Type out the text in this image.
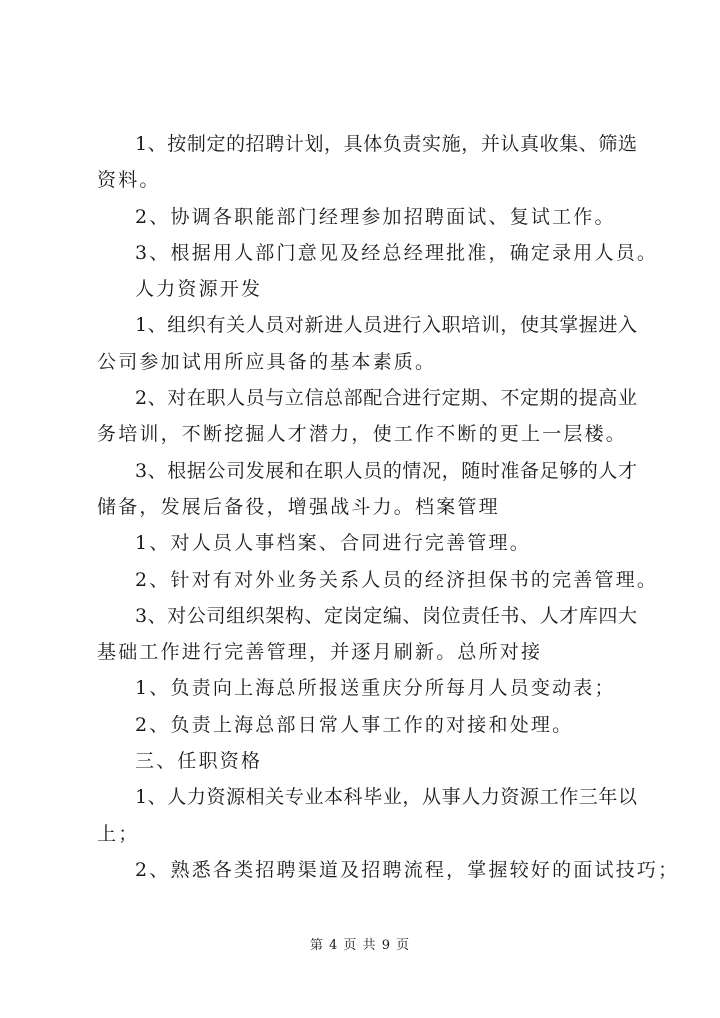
1、按制定的招聘计划，具体负责实施，并认真收集、筛选
资料。
2、协调各职能部门经理参加招聘面试、复试工作。
3、根据用人部门意见及经总经理批准，确定录用人员。
人力资源开发
1、组织有关人员对新进人员进行入职培训，使其掌握进入
公司参加试用所应具备的基本素质。
2、对在职人员与立信总部配合进行定期、不定期的提高业
务培训，不断挖掘人才潜力，使工作不断的更上一层楼。
3、根据公司发展和在职人员的情况，随时准备足够的人才
储备，发展后备役，增强战斗力。档案管理
1、对人员人事档案、合同进行完善管理。
2、针对有对外业务关系人员的经济担保书的完善管理。
3、对公司组织架构、定岗定编、岗位责任书、人才库四大
基础工作进行完善管理，并逐月刷新。总所对接
1、负责向上海总所报送重庆分所每月人员变动表；
2、负责上海总部日常人事工作的对接和处理。
三、任职资格
1、人力资源相关专业本科毕业，从事人力资源工作三年以
上；
2、熟悉各类招聘渠道及招聘流程，掌握较好的面试技巧；
第 4 页 共 9 页
